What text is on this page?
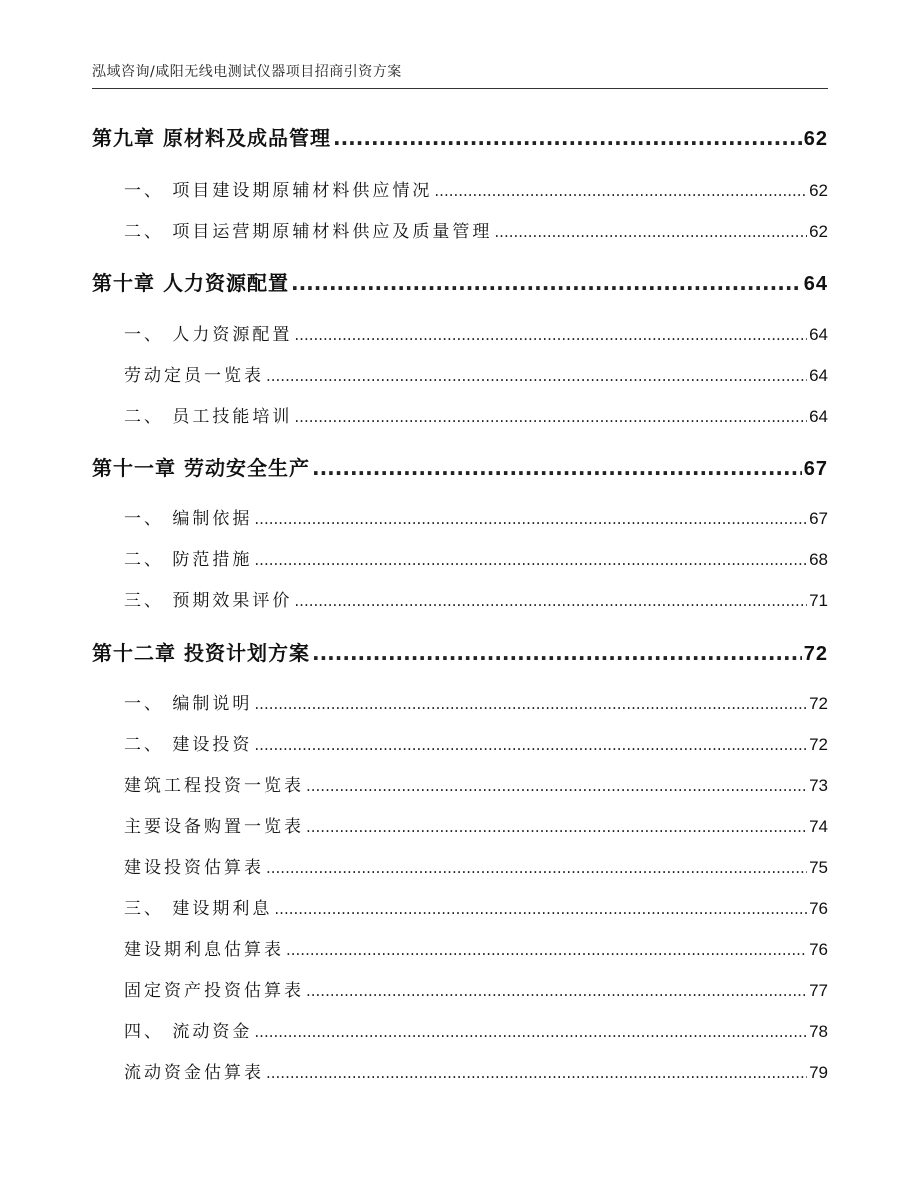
泓域咨询/咸阳无线电测试仪器项目招商引资方案
第九章 原材料及成品管理 .....	62
一、 项目建设期原辅材料供应情况 .....	62
二、 项目运营期原辅材料供应及质量管理 .....	62
第十章 人力资源配置 .....	64
一、 人力资源配置 .....	64
劳动定员一览表 .....	64
二、 员工技能培训 .....	64
第十一章 劳动安全生产 .....	67
一、 编制依据 .....	67
二、 防范措施 .....	68
三、 预期效果评价 .....	71
第十二章 投资计划方案 .....	72
一、 编制说明 .....	72
二、 建设投资 .....	72
建筑工程投资一览表 .....	73
主要设备购置一览表 .....	74
建设投资估算表 .....	75
三、 建设期利息 .....	76
建设期利息估算表 .....	76
固定资产投资估算表 .....	77
四、 流动资金 .....	78
流动资金估算表 .....	79
